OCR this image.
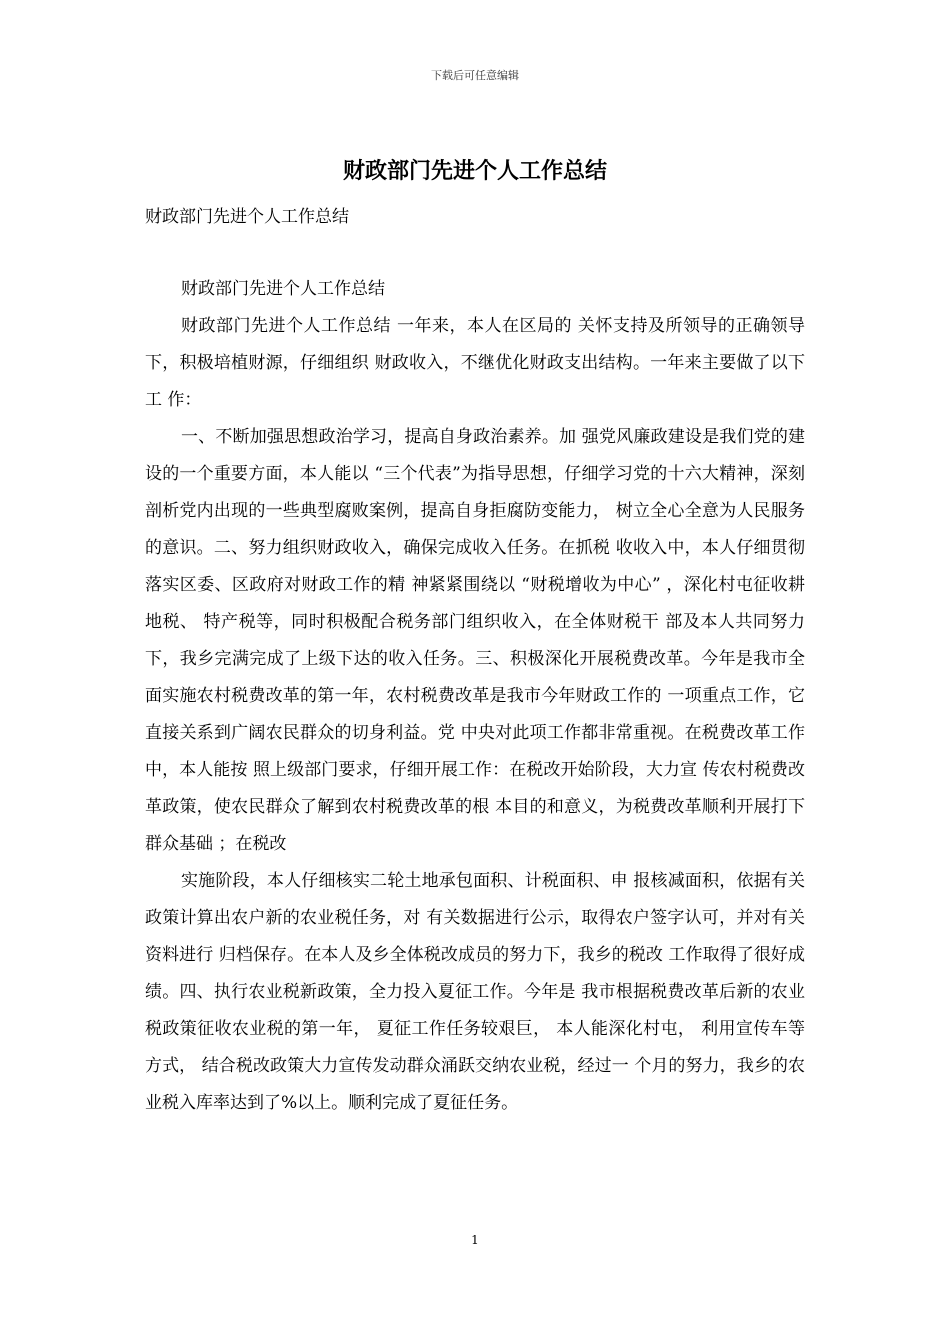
下载后可任意编辑
财政部门先进个人工作总结
财政部门先进个人工作总结

财政部门先进个人工作总结

财政部门先进个人工作总结 一年来，本人在区局的 关怀支持及所领导的正确领导下，积极培植财源，仔细组织 财政收入，不继优化财政支出结构。一年来主要做了以下工 作：

一、不断加强思想政治学习，提高自身政治素养。加 强党风廉政建设是我们党的建设的一个重要方面，本人能以 “三个代表”为指导思想，仔细学习党的十六大精神，深刻 剖析党内出现的一些典型腐败案例，提高自身拒腐防变能力， 树立全心全意为人民服务的意识。二、努力组织财政收入，确保完成收入任务。在抓税 收收入中，本人仔细贯彻落实区委、区政府对财政工作的精 神紧紧围绕以 “财税增收为中心” ，深化村屯征收耕地税、 特产税等，同时积极配合税务部门组织收入，在全体财税干 部及本人共同努力下，我乡完满完成了上级下达的收入任务。三、积极深化开展税费改革。今年是我市全面实施农村税费改革的第一年，农村税费改革是我市今年财政工作的 一项重点工作，它直接关系到广阔农民群众的切身利益。党 中央对此项工作都非常重视。在税费改革工作中，本人能按 照上级部门要求，仔细开展工作：在税改开始阶段，大力宣 传农村税费改革政策，使农民群众了解到农村税费改革的根 本目的和意义，为税费改革顺利开展打下群众基础 ；在税改

实施阶段，本人仔细核实二轮土地承包面积、计税面积、申 报核减面积，依据有关政策计算出农户新的农业税任务，对 有关数据进行公示，取得农户签字认可，并对有关资料进行 归档保存。在本人及乡全体税改成员的努力下，我乡的税改 工作取得了很好成绩。四、执行农业税新政策，全力投入夏征工作。今年是 我市根据税费改革后新的农业税政策征收农业税的第一年， 夏征工作任务较艰巨， 本人能深化村屯， 利用宣传车等方式， 结合税改政策大力宣传发动群众涌跃交纳农业税，经过一 个月的努力，我乡的农业税入库率达到了%以上。顺利完成了夏征任务。

1
